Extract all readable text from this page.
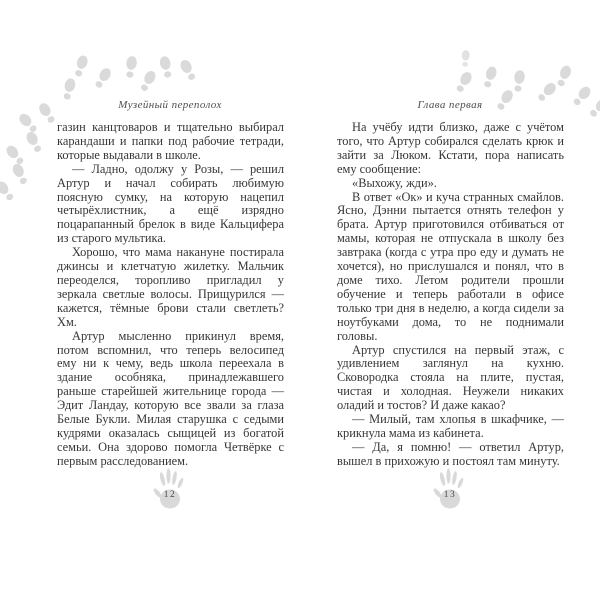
Музейный переполох

газин канцтоваров и тщательно выбирал карандаши и папки под рабочие тетради, которые выдавали в школе.

— Ладно, одолжу у Розы, — решил Артур и начал собирать любимую поясную сумку, на которую нацепил четырёхлистник, а ещё изрядно поцарапанный брелок в виде Кальцифера из старого мультика.

Хорошо, что мама накануне постирала джинсы и клетчатую жилетку. Мальчик переоделся, торопливо пригладил у зеркала светлые волосы. Прищурился — кажется, тёмные брови стали светлеть? Хм.

Артур мысленно прикинул время, потом вспомнил, что теперь велосипед ему ни к чему, ведь школа переехала в здание особняка, принадлежавшего раньше старейшей жительнице города — Эдит Ландау, которую все звали за глаза Белые Букли. Милая старушка с седыми кудрями оказалась сыщицей из богатой семьи. Она здорово помогла Четвёрке с первым расследованием.

12
Глава первая

На учёбу идти близко, даже с учётом того, что Артур собирался сделать крюк и зайти за Люком. Кстати, пора написать ему сообщение:

«Выхожу, жди».

В ответ «Ок» и куча странных смайлов. Ясно, Дэнни пытается отнять телефон у брата. Артур приготовился отбиваться от мамы, которая не отпускала в школу без завтрака (когда с утра про еду и думать не хочется), но прислушался и понял, что в доме тихо. Летом родители прошли обучение и теперь работали в офисе только три дня в неделю, а когда сидели за ноутбуками дома, то не поднимали головы.

Артур спустился на первый этаж, с удивлением заглянул на кухню. Сковородка стояла на плите, пустая, чистая и холодная. Неужели никаких оладий и тостов? И даже какао?

— Милый, там хлопья в шкафчике, — крикнула мама из кабинета.

— Да, я помню! — ответил Артур, вышел в прихожую и постоял там минуту.

13
